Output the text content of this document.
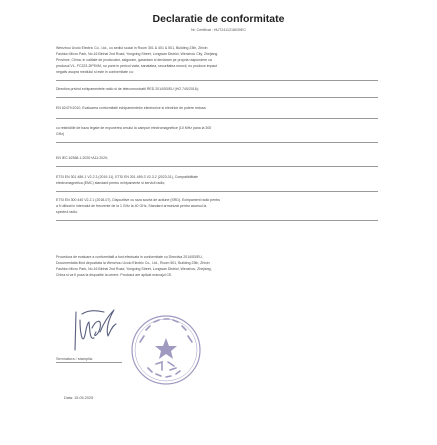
Declaratie de conformitate
Nr. Certificat : HUT2411218039EC
Wenzhou Uvolo Electric Co., Ltd., cu sediul social in Room 301 & 401 & 501, Building 23th, Zhixin
Fashion Micro Park, No.16 Binhai 2nd Road, Yongxing Street, Longwan District, Wenzhou City, Zhejiang
Province, China, in calitate de producator, asiguram, garantam si declaram pe propria raspundere ca
produsul VL- FC223-2IP5VM, nu pune in pericol viata, sanatatea, securitatea muncii, nu produce impact
negativ asupra mediului si este in conformitate cu:
Directiva privind echipamentele radio si de telecomunicatii RED 2014/53/EU (HG 740/2016);
EN 62479:2010, Evaluarea conformitatii echipamentelor electronice si electrice de putere redusa
cu restrictiile de baza legate de expunerea omului la campuri electromagnetice (10 MHz pana la 300
GHz)
EN IEC 62368-1:2020+A11:2020;
ETSI EN 301 489-1 V2.2.3 (2019-11), ETSI EN 301 489-3 V2.3.2 (2023-01), Compatibilitate
electromagnetica (EMC) standard pentru echipamente si servicii radio;
ETSI EN 300 440 V2.2.1 (2018-07), Dispozitive cu raza scurta de actiune (SRD), Echipament radio pentru
a fi utilizat in intervalul de frecvente de la 1 GHz la 40 GHz, Standard armonizat pentru accesul la
spectrul radio.
Procedura de evaluare a conformitatii a fost efectuata in conformitate cu Directiva 2014/53/EU,
Documentatia fiind depozitata la Wenzhou Uvolo Electric Co., Ltd., Room 501, Building 23th, Zhixin
Fashion Micro Park, No.16 Binhai 2nd Road, Yongxing Street, Longwan District, Wenzhou, Zhejiang,
China si va fi pusa la dispozitie la cerere. Produsul are aplicat marcajul CE.
Semnatura / stampila:
Data: 15.05.2025
